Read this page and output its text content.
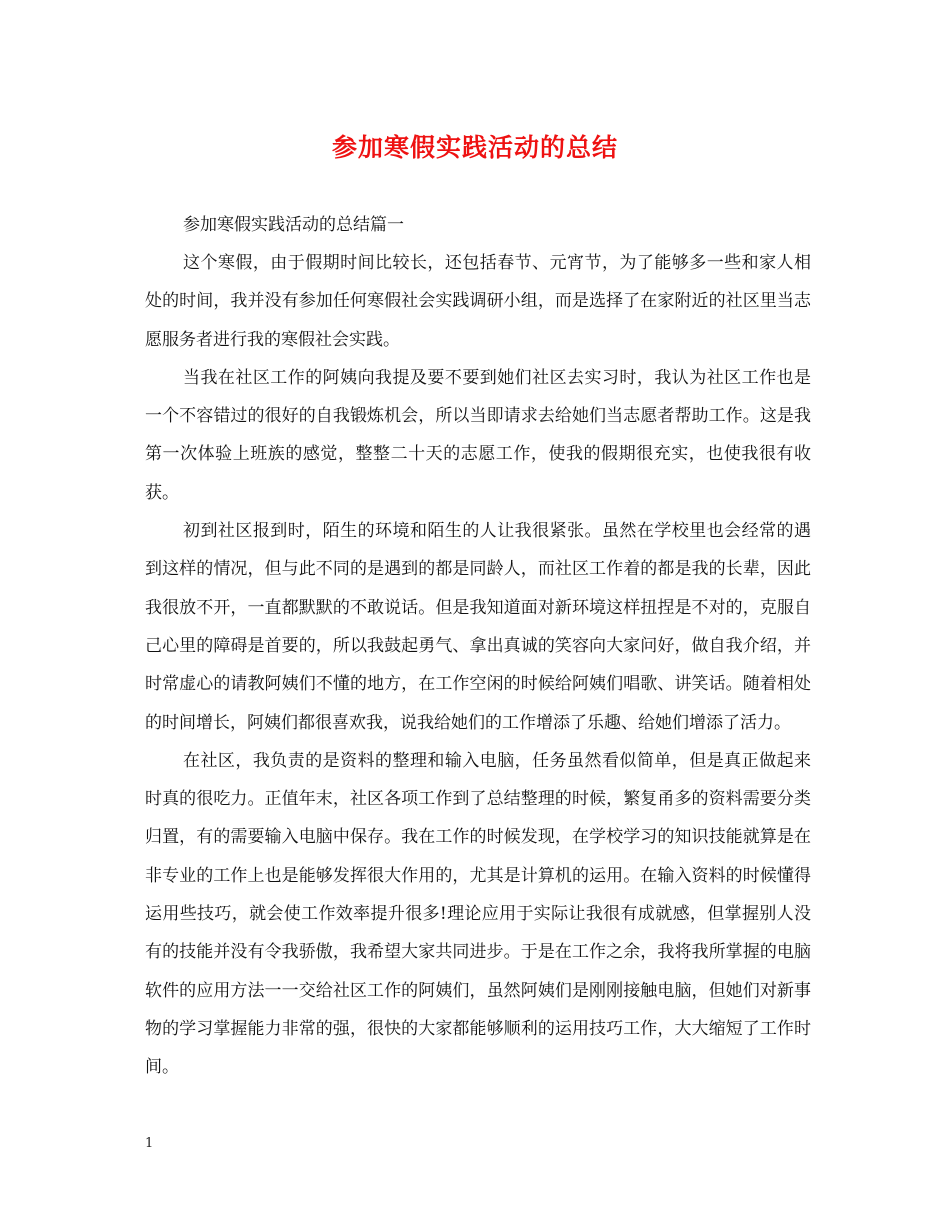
参加寒假实践活动的总结

参加寒假实践活动的总结篇一

这个寒假，由于假期时间比较长，还包括春节、元宵节，为了能够多一些和家人相处的时间，我并没有参加任何寒假社会实践调研小组，而是选择了在家附近的社区里当志愿服务者进行我的寒假社会实践。

当我在社区工作的阿姨向我提及要不要到她们社区去实习时，我认为社区工作也是一个不容错过的很好的自我锻炼机会，所以当即请求去给她们当志愿者帮助工作。这是我第一次体验上班族的感觉，整整二十天的志愿工作，使我的假期很充实，也使我很有收获。

初到社区报到时，陌生的环境和陌生的人让我很紧张。虽然在学校里也会经常的遇到这样的情况，但与此不同的是遇到的都是同龄人，而社区工作着的都是我的长辈，因此我很放不开，一直都默默的不敢说话。但是我知道面对新环境这样扭捏是不对的，克服自己心里的障碍是首要的，所以我鼓起勇气、拿出真诚的笑容向大家问好，做自我介绍，并时常虚心的请教阿姨们不懂的地方，在工作空闲的时候给阿姨们唱歌、讲笑话。随着相处的时间增长，阿姨们都很喜欢我，说我给她们的工作增添了乐趣、给她们增添了活力。

在社区，我负责的是资料的整理和输入电脑，任务虽然看似简单，但是真正做起来时真的很吃力。正值年末，社区各项工作到了总结整理的时候，繁复甬多的资料需要分类归置，有的需要输入电脑中保存。我在工作的时候发现，在学校学习的知识技能就算是在非专业的工作上也是能够发挥很大作用的，尤其是计算机的运用。在输入资料的时候懂得运用些技巧，就会使工作效率提升很多!理论应用于实际让我很有成就感，但掌握别人没有的技能并没有令我骄傲，我希望大家共同进步。于是在工作之余，我将我所掌握的电脑软件的应用方法一一交给社区工作的阿姨们，虽然阿姨们是刚刚接触电脑，但她们对新事物的学习掌握能力非常的强，很快的大家都能够顺利的运用技巧工作，大大缩短了工作时间。

1
